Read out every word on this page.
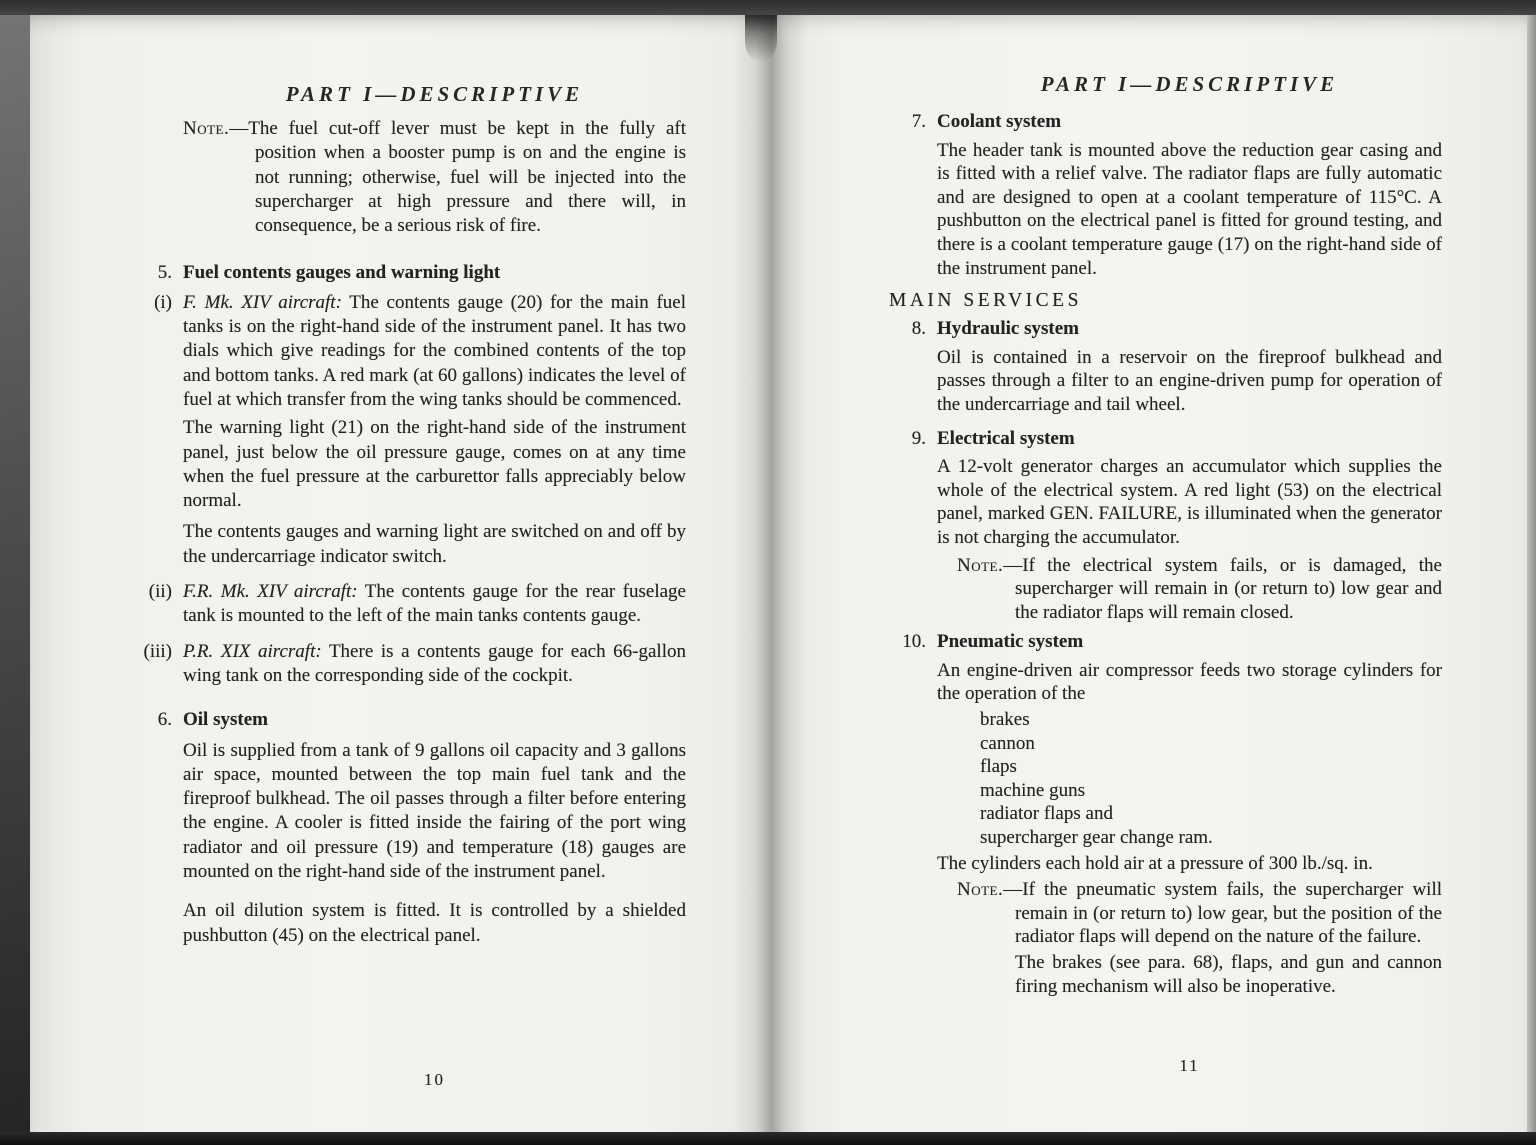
PART I—DESCRIPTIVE
Note.—The fuel cut-off lever must be kept in the fully aft position when a booster pump is on and the engine is not running; otherwise, fuel will be injected into the supercharger at high pressure and there will, in consequence, be a serious risk of fire.
5. Fuel contents gauges and warning light
(i) F. Mk. XIV aircraft: The contents gauge (20) for the main fuel tanks is on the right-hand side of the instrument panel. It has two dials which give readings for the combined contents of the top and bottom tanks. A red mark (at 60 gallons) indicates the level of fuel at which transfer from the wing tanks should be commenced.
The warning light (21) on the right-hand side of the instrument panel, just below the oil pressure gauge, comes on at any time when the fuel pressure at the carburettor falls appreciably below normal.
The contents gauges and warning light are switched on and off by the undercarriage indicator switch.
(ii) F.R. Mk. XIV aircraft: The contents gauge for the rear fuselage tank is mounted to the left of the main tanks contents gauge.
(iii) P.R. XIX aircraft: There is a contents gauge for each 66-gallon wing tank on the corresponding side of the cockpit.
6. Oil system
Oil is supplied from a tank of 9 gallons oil capacity and 3 gallons air space, mounted between the top main fuel tank and the fireproof bulkhead. The oil passes through a filter before entering the engine. A cooler is fitted inside the fairing of the port wing radiator and oil pressure (19) and temperature (18) gauges are mounted on the right-hand side of the instrument panel.
An oil dilution system is fitted. It is controlled by a shielded pushbutton (45) on the electrical panel.
10
PART I—DESCRIPTIVE
7. Coolant system
The header tank is mounted above the reduction gear casing and is fitted with a relief valve. The radiator flaps are fully automatic and are designed to open at a coolant temperature of 115°C. A pushbutton on the electrical panel is fitted for ground testing, and there is a coolant temperature gauge (17) on the right-hand side of the instrument panel.
MAIN SERVICES
8. Hydraulic system
Oil is contained in a reservoir on the fireproof bulkhead and passes through a filter to an engine-driven pump for operation of the undercarriage and tail wheel.
9. Electrical system
A 12-volt generator charges an accumulator which supplies the whole of the electrical system. A red light (53) on the electrical panel, marked GEN. FAILURE, is illuminated when the generator is not charging the accumulator.
Note.—If the electrical system fails, or is damaged, the supercharger will remain in (or return to) low gear and the radiator flaps will remain closed.
10. Pneumatic system
An engine-driven air compressor feeds two storage cylinders for the operation of the
brakes
cannon
flaps
machine guns
radiator flaps and
supercharger gear change ram.
The cylinders each hold air at a pressure of 300 lb./sq. in.
Note.—If the pneumatic system fails, the supercharger will remain in (or return to) low gear, but the position of the radiator flaps will depend on the nature of the failure.
The brakes (see para. 68), flaps, and gun and cannon firing mechanism will also be inoperative.
11
